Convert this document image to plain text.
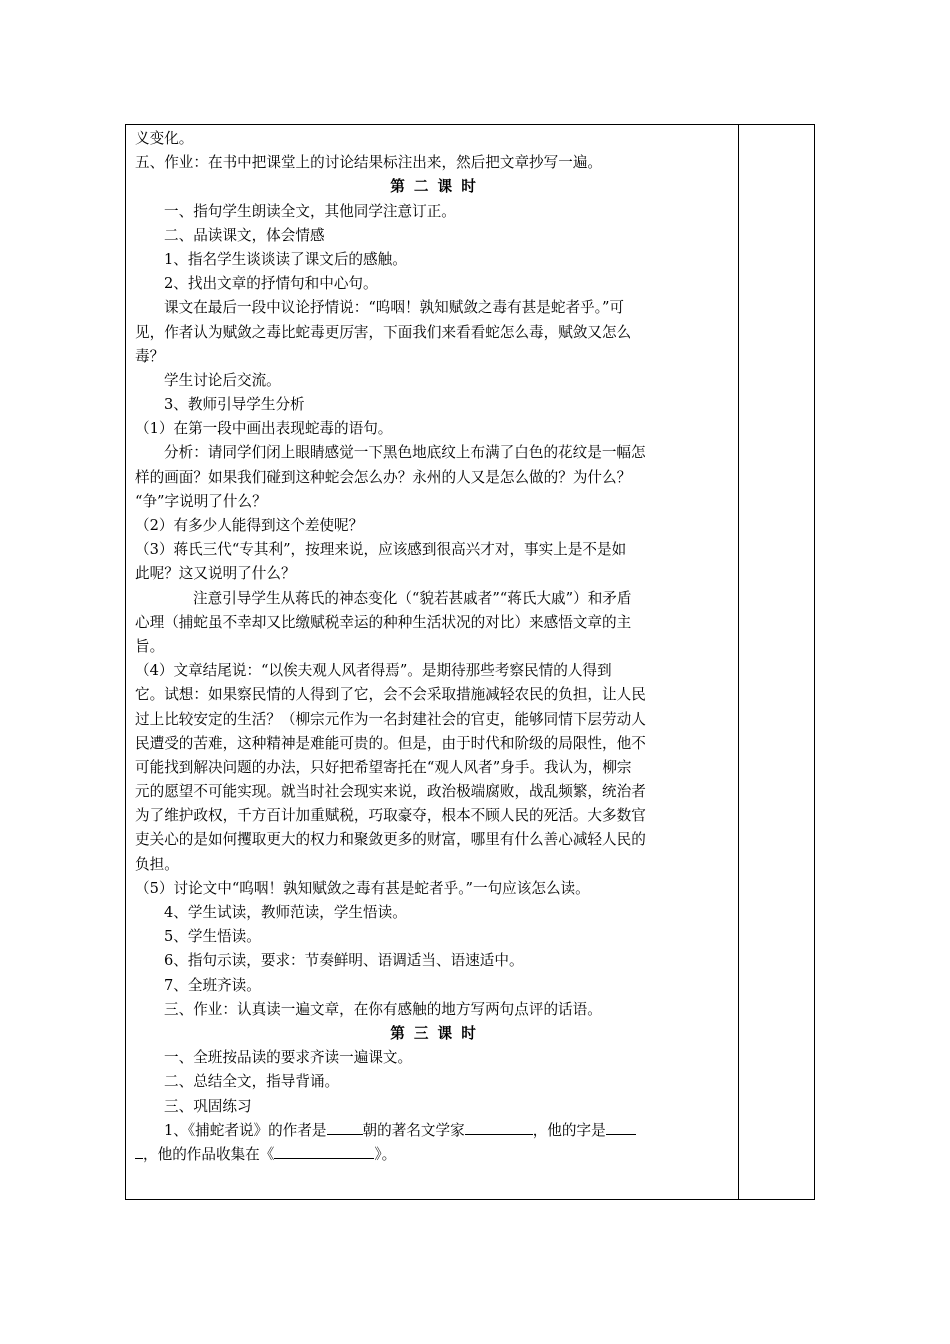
义变化。
五、作业：在书中把课堂上的讨论结果标注出来，然后把文章抄写一遍。
第 二 课 时
一、指句学生朗读全文，其他同学注意订正。
二、品读课文，体会情感
1、指名学生谈谈读了课文后的感触。
2、找出文章的抒情句和中心句。
课文在最后一段中议论抒情说：“呜咽！孰知赋敛之毒有甚是蛇者乎。”可
见，作者认为赋敛之毒比蛇毒更厉害，下面我们来看看蛇怎么毒，赋敛又怎么
毒？
学生讨论后交流。
3、教师引导学生分析
（1）在第一段中画出表现蛇毒的语句。
分析：请同学们闭上眼睛感觉一下黑色地底纹上布满了白色的花纹是一幅怎
样的画面？如果我们碰到这种蛇会怎么办？永州的人又是怎么做的？为什么？
“争”字说明了什么？
（2）有多少人能得到这个差使呢？
（3）蒋氏三代“专其利”，按理来说，应该感到很高兴才对，事实上是不是如
此呢？这又说明了什么？
注意引导学生从蒋氏的神态变化（“貌若甚戚者”“蒋氏大戚”）和矛盾
心理（捕蛇虽不幸却又比缴赋税幸运的种种生活状况的对比）来感悟文章的主
旨。
（4）文章结尾说：“以俟夫观人风者得焉”。是期待那些考察民情的人得到
它。试想：如果察民情的人得到了它，会不会采取措施减轻农民的负担，让人民
过上比较安定的生活？（柳宗元作为一名封建社会的官吏，能够同情下层劳动人
民遭受的苦难，这种精神是难能可贵的。但是，由于时代和阶级的局限性，他不
可能找到解决问题的办法，只好把希望寄托在“观人风者”身手。我认为，柳宗
元的愿望不可能实现。就当时社会现实来说，政治极端腐败，战乱频繁，统治者
为了维护政权，千方百计加重赋税，巧取豪夺，根本不顾人民的死活。大多数官
吏关心的是如何攫取更大的权力和聚敛更多的财富，哪里有什么善心减轻人民的
负担。
（5）讨论文中“呜咽！孰知赋敛之毒有甚是蛇者乎。”一句应该怎么读。
4、学生试读，教师范读，学生悟读。
5、学生悟读。
6、指句示读，要求：节奏鲜明、语调适当、语速适中。
7、全班齐读。
三、作业：认真读一遍文章，在你有感触的地方写两句点评的话语。
第 三 课 时
一、全班按品读的要求齐读一遍课文。
二、总结全文，指导背诵。
三、巩固练习
1、《捕蛇者说》的作者是 朝的著名文学家	，他的字是
，他的作品收集在《	》。
